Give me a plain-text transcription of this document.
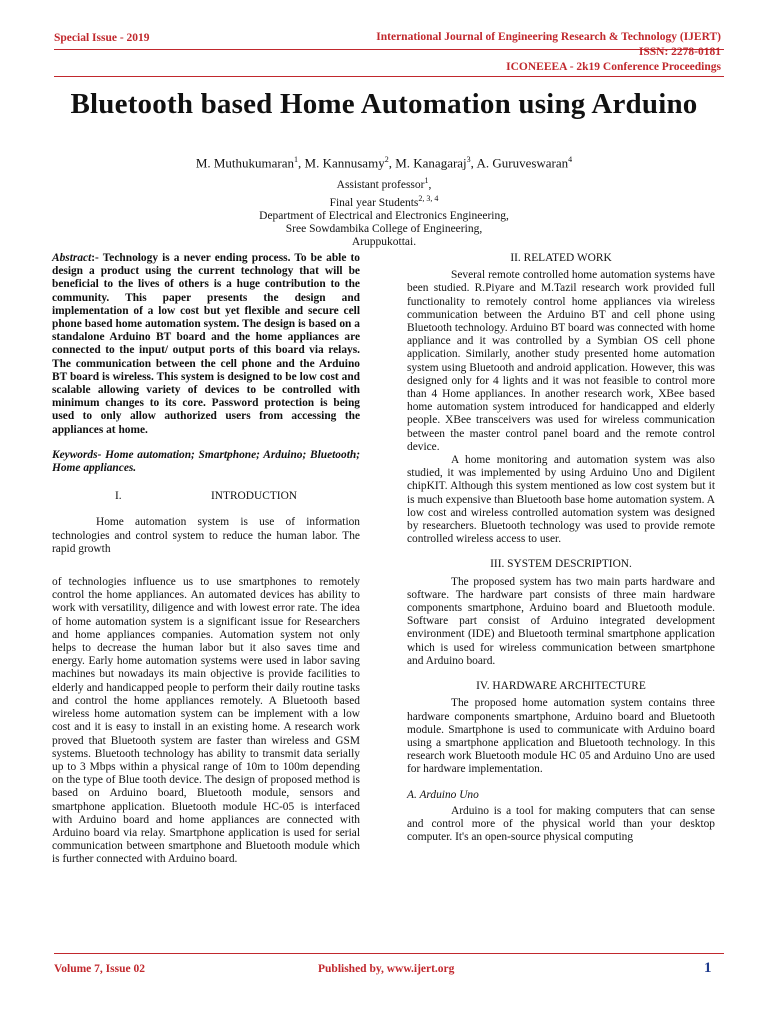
Special Issue - 2019	International Journal of Engineering Research & Technology (IJERT)
ISSN: 2278-0181
ICONEEEA - 2k19 Conference Proceedings
Bluetooth based Home Automation using Arduino
M. Muthukumaran$^1$, M. Kannusamy$^2$, M. Kanagaraj$^3$, A. Guruveswaran$^4$
Assistant professor$^1$,
Final year Students$^{2, 3, 4}$
Department of Electrical and Electronics Engineering,
Sree Sowdambika College of Engineering,
Aruppukottai.

Abstract:- Technology is a never ending process. To be able to design a product using the current technology that will be beneficial to the lives of others is a huge contribution to the community. This paper presents the design and implementation of a low cost but yet flexible and secure cell phone based home automation system. The design is based on a standalone Arduino BT board and the home appliances are connected to the input/ output ports of this board via relays. The communication between the cell phone and the Arduino BT board is wireless. This system is designed to be low cost and scalable allowing variety of devices to be controlled with minimum changes to its core. Password protection is being used to only allow authorized users from accessing the appliances at home.

Keywords- Home automation; Smartphone; Arduino; Bluetooth; Home appliances.

I.	INTRODUCTION

Home automation system is use of information technologies and control system to reduce the human labor. The rapid growth

of technologies influence us to use smartphones to remotely control the home appliances. An automated devices has ability to work with versatility, diligence and with lowest error rate. The idea of home automation system is a significant issue for Researchers and home appliances companies. Automation system not only helps to decrease the human labor but it also saves time and energy. Early home automation systems were used in labor saving machines but nowadays its main objective is provide facilities to elderly and handicapped people to perform their daily routine tasks and control the home appliances remotely. A Bluetooth based wireless home automation system can be implement with a low cost and it is easy to install in an existing home. A research work proved that Bluetooth system are faster than wireless and GSM systems. Bluetooth technology has ability to transmit data serially up to 3 Mbps within a physical range of 10m to 100m depending on the type of Blue tooth device. The design of proposed method is based on Arduino board, Bluetooth module, sensors and smartphone application. Bluetooth module HC-05 is interfaced with Arduino board and home appliances are connected with Arduino board via relay. Smartphone application is used for serial communication between smartphone and Bluetooth module which is further connected with Arduino board.

II. RELATED WORK

Several remote controlled home automation systems have been studied. R.Piyare and M.Tazil research work provided full functionality to remotely control home appliances via wireless communication between the Arduino BT and cell phone using Bluetooth technology. Arduino BT board was connected with home appliance and it was controlled by a Symbian OS cell phone application. Similarly, another study presented home automation system using Bluetooth and android application. However, this was designed only for 4 lights and it was not feasible to control more than 4 Home appliances. In another research work, XBee based home automation system introduced for handicapped and elderly people. XBee transceivers was used for wireless communication between the master control panel board and the remote control device.

A home monitoring and automation system was also studied, it was implemented by using Arduino Uno and Digilent chipKIT. Although this system mentioned as low cost system but it is much expensive than Bluetooth base home automation system. A low cost and wireless controlled automation system was designed by researchers. Bluetooth technology was used to provide remote controlled wireless access to user.

III. SYSTEM DESCRIPTION.

The proposed system has two main parts hardware and software. The hardware part consists of three main hardware components smartphone, Arduino board and Bluetooth module. Software part consist of Arduino integrated development environment (IDE) and Bluetooth terminal smartphone application which is used for wireless communication between smartphone and Arduino board.

IV. HARDWARE ARCHITECTURE

The proposed home automation system contains three hardware components smartphone, Arduino board and Bluetooth module. Smartphone is used to communicate with Arduino board using a smartphone application and Bluetooth technology. In this research work Bluetooth module HC 05 and Arduino Uno are used for hardware implementation.

A. Arduino Uno

Arduino is a tool for making computers that can sense and control more of the physical world than your desktop computer. It's an open-source physical computing

Volume 7, Issue 02	Published by, www.ijert.org	1
